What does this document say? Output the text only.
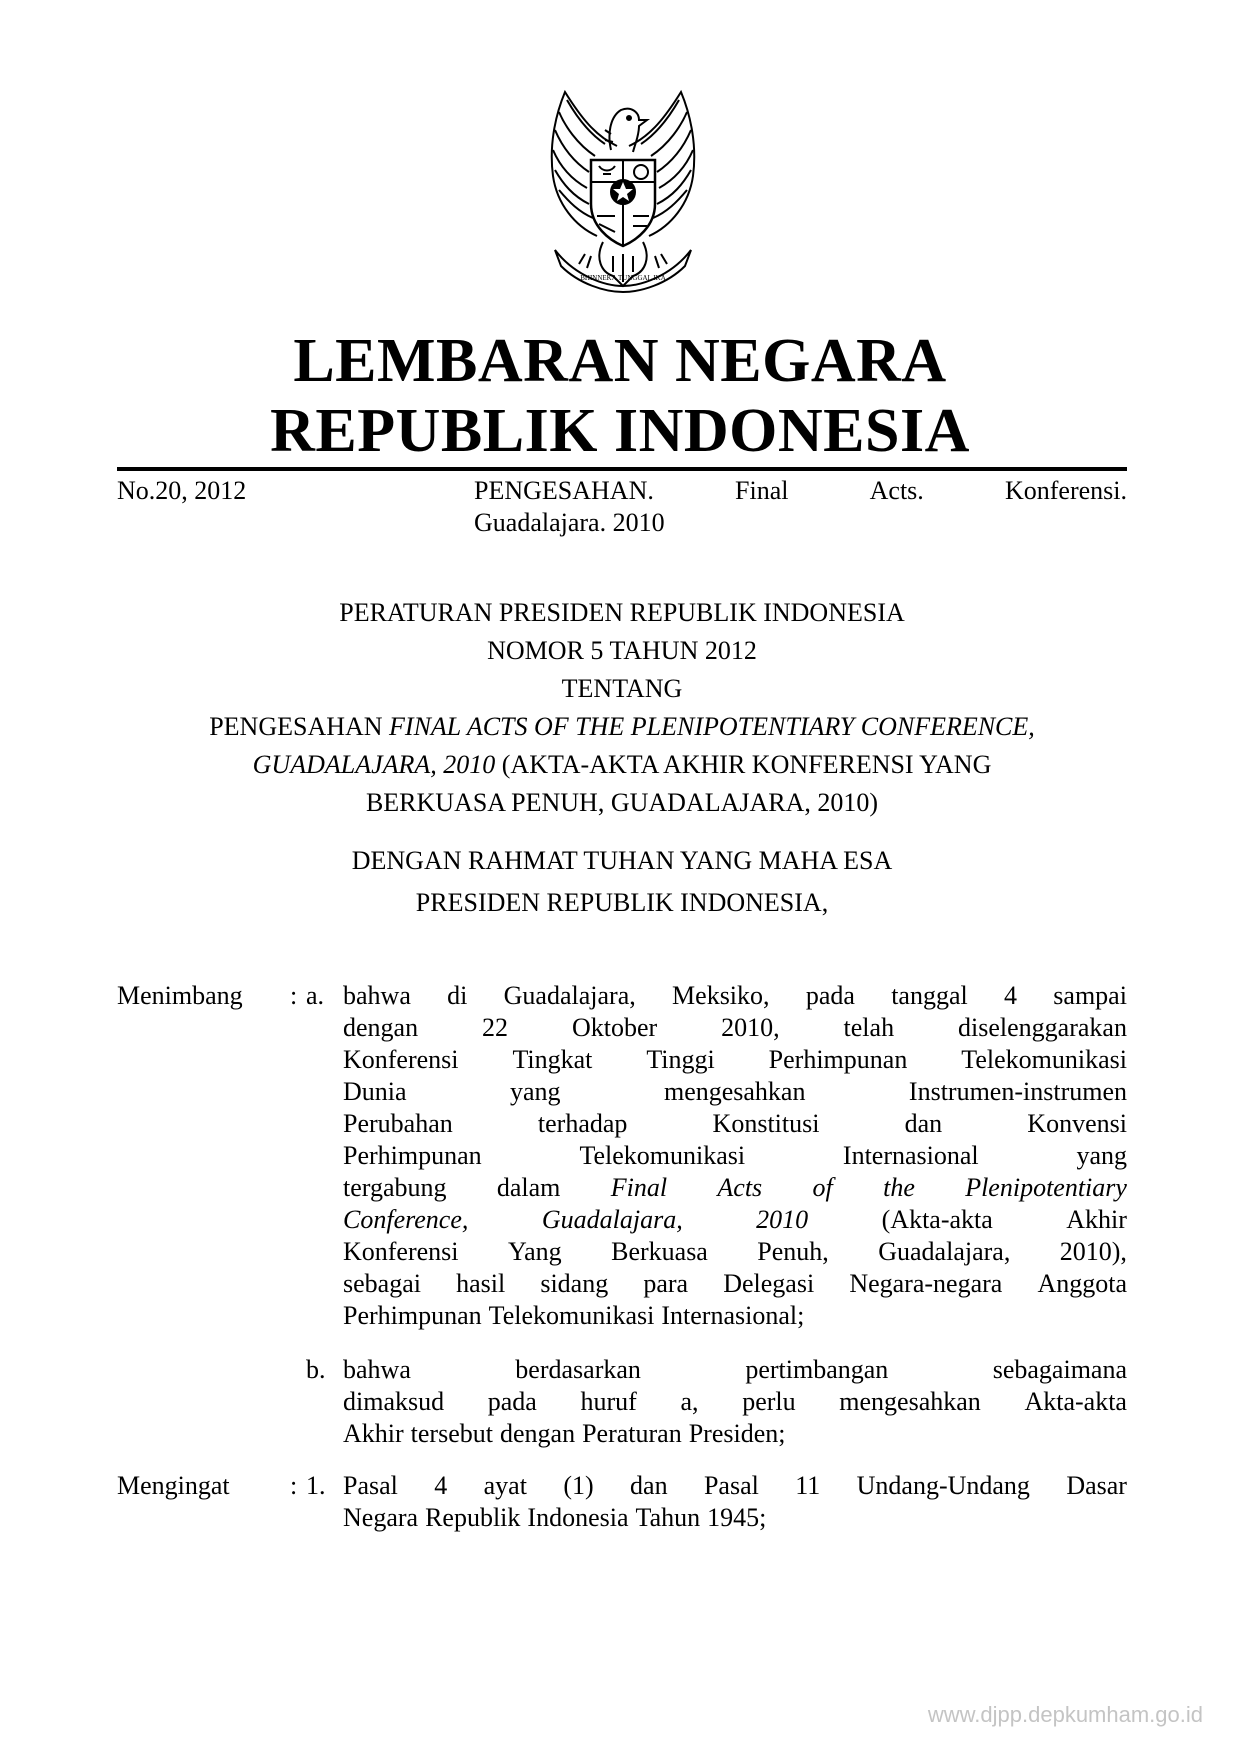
BHINNEKA TUNGGAL IKA
LEMBARAN NEGARA
REPUBLIK INDONESIA
No.20, 2012	PENGESAHAN.	Final	Acts.	Konferensi.
Guadalajara. 2010
PERATURAN PRESIDEN REPUBLIK INDONESIA
NOMOR 5 TAHUN 2012
TENTANG
PENGESAHAN FINAL ACTS OF THE PLENIPOTENTIARY CONFERENCE,
GUADALAJARA, 2010 (AKTA-AKTA AKHIR KONFERENSI YANG
BERKUASA PENUH, GUADALAJARA, 2010)
DENGAN RAHMAT TUHAN YANG MAHA ESA
PRESIDEN REPUBLIK INDONESIA,
Menimbang : a. bahwa di Guadalajara, Meksiko, pada tanggal 4 sampai
dengan 22 Oktober 2010, telah diselenggarakan
Konferensi Tingkat Tinggi Perhimpunan Telekomunikasi
Dunia	yang	mengesahkan	Instrumen-instrumen
Perubahan	terhadap	Konstitusi	dan	Konvensi
Perhimpunan	Telekomunikasi	Internasional	yang
tergabung dalam Final Acts of the Plenipotentiary
Conference,	Guadalajara,	2010	(Akta-akta	Akhir
Konferensi Yang Berkuasa Penuh, Guadalajara, 2010),
sebagai hasil sidang para Delegasi Negara-negara Anggota
Perhimpunan Telekomunikasi Internasional;
b. bahwa	berdasarkan	pertimbangan	sebagaimana
dimaksud pada huruf a, perlu mengesahkan Akta-akta
Akhir tersebut dengan Peraturan Presiden;
Mengingat : 1. Pasal 4 ayat (1) dan Pasal 11 Undang-Undang Dasar
Negara Republik Indonesia Tahun 1945;
www.djpp.depkumham.go.id
